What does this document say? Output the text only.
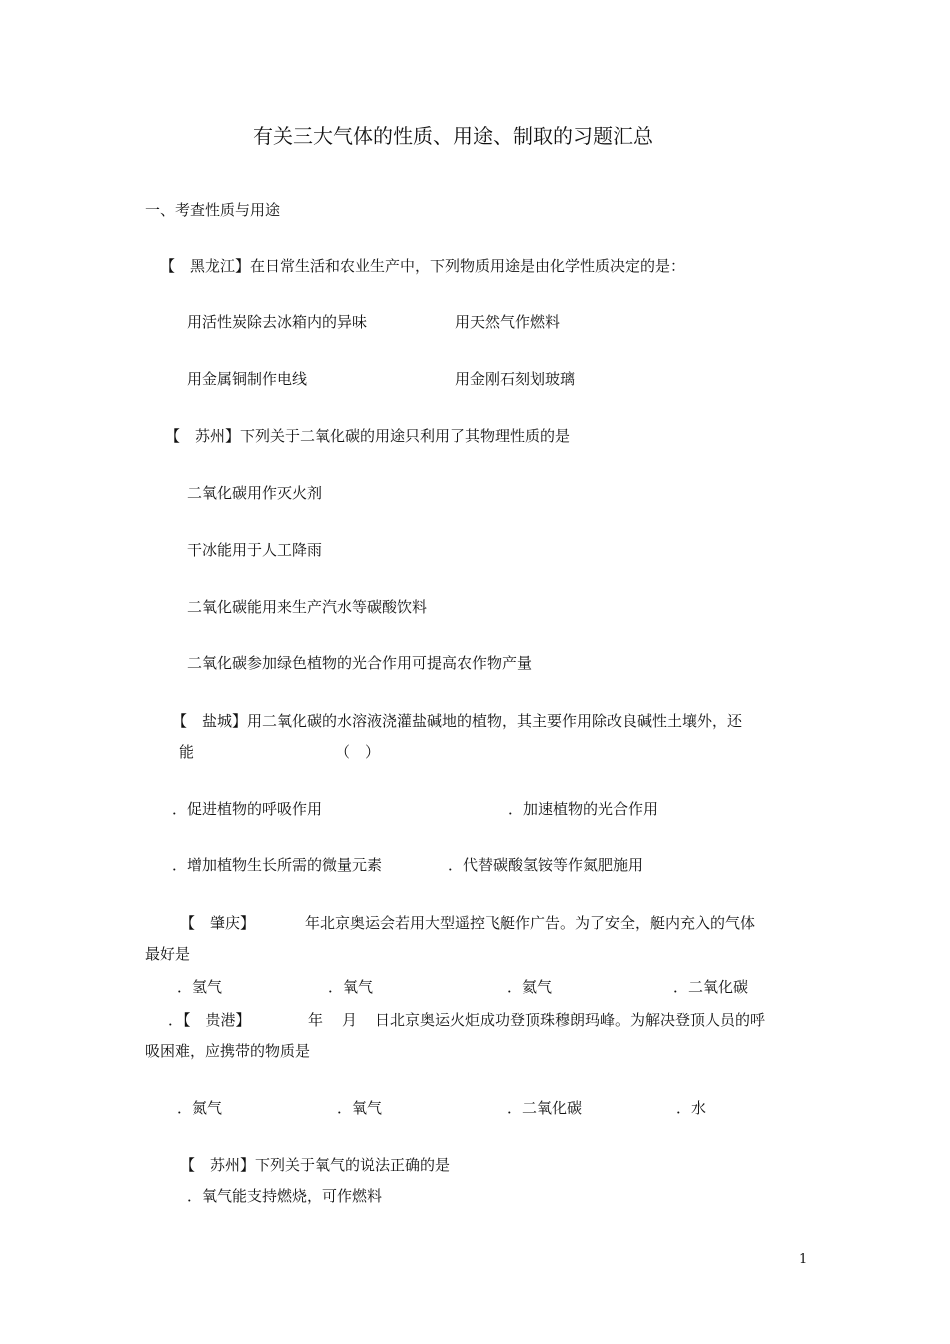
有关三大气体的性质、用途、制取的习题汇总
一、考查性质与用途
【　黑龙江】在日常生活和农业生产中，下列物质用途是由化学性质决定的是：
用活性炭除去冰箱内的异味	用天然气作燃料
用金属铜制作电线	用金刚石刻划玻璃
【　苏州】下列关于二氧化碳的用途只利用了其物理性质的是
二氧化碳用作灭火剂
干冰能用于人工降雨
二氧化碳能用来生产汽水等碳酸饮料
二氧化碳参加绿色植物的光合作用可提高农作物产量
【　盐城】用二氧化碳的水溶液浇灌盐碱地的植物，其主要作用除改良碱性土壤外，还
能	（　）
．促进植物的呼吸作用	．加速植物的光合作用
．增加植物生长所需的微量元素	．代替碳酸氢铵等作氮肥施用
【　肇庆】	年北京奥运会若用大型遥控飞艇作广告。为了安全，艇内充入的气体
最好是
．氢气	．氧气	．氦气	．二氧化碳
．【　贵港】	年 月 日北京奥运火炬成功登顶珠穆朗玛峰。为解决登顶人员的呼
吸困难，应携带的物质是
．氮气	．氧气	．二氧化碳	．水
【　苏州】下列关于氧气的说法正确的是
．氧气能支持燃烧，可作燃料
1
